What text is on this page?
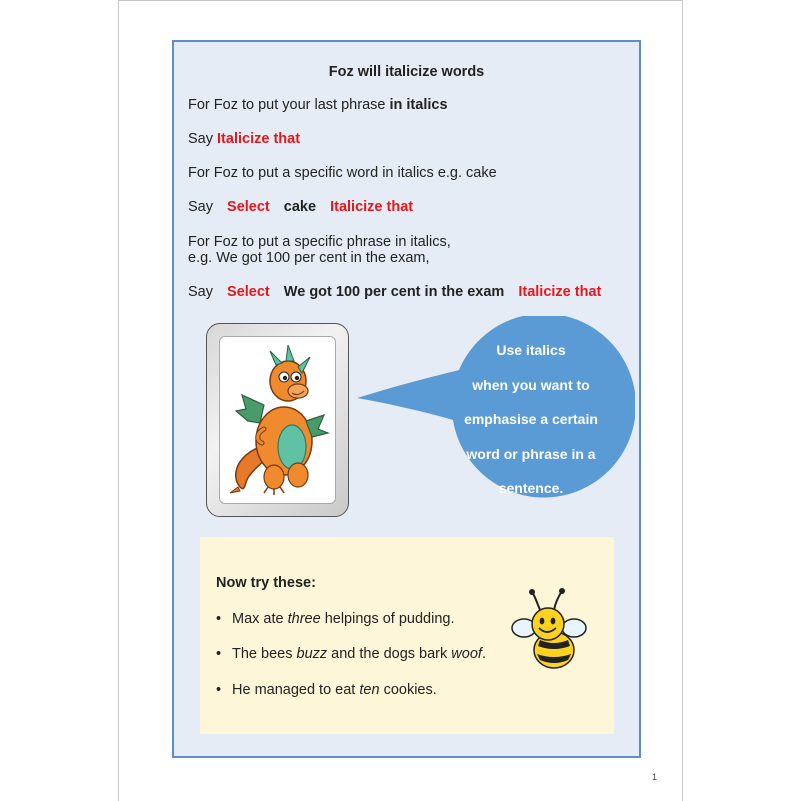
Foz will italicize words
For Foz to put your last phrase in italics
Say Italicize that
For Foz to put a specific word in italics e.g. cake
Say Select cake Italicize that
For Foz to put a specific phrase in italics,
e.g. We got 100 per cent in the exam,
Say Select We got 100 per cent in the exam Italicize that
Use italics
when you want to
emphasise a certain
word or phrase in a
sentence.
Now try these:
• Max ate three helpings of pudding.
• The bees buzz and the dogs bark woof.
• He managed to eat ten cookies.
1
